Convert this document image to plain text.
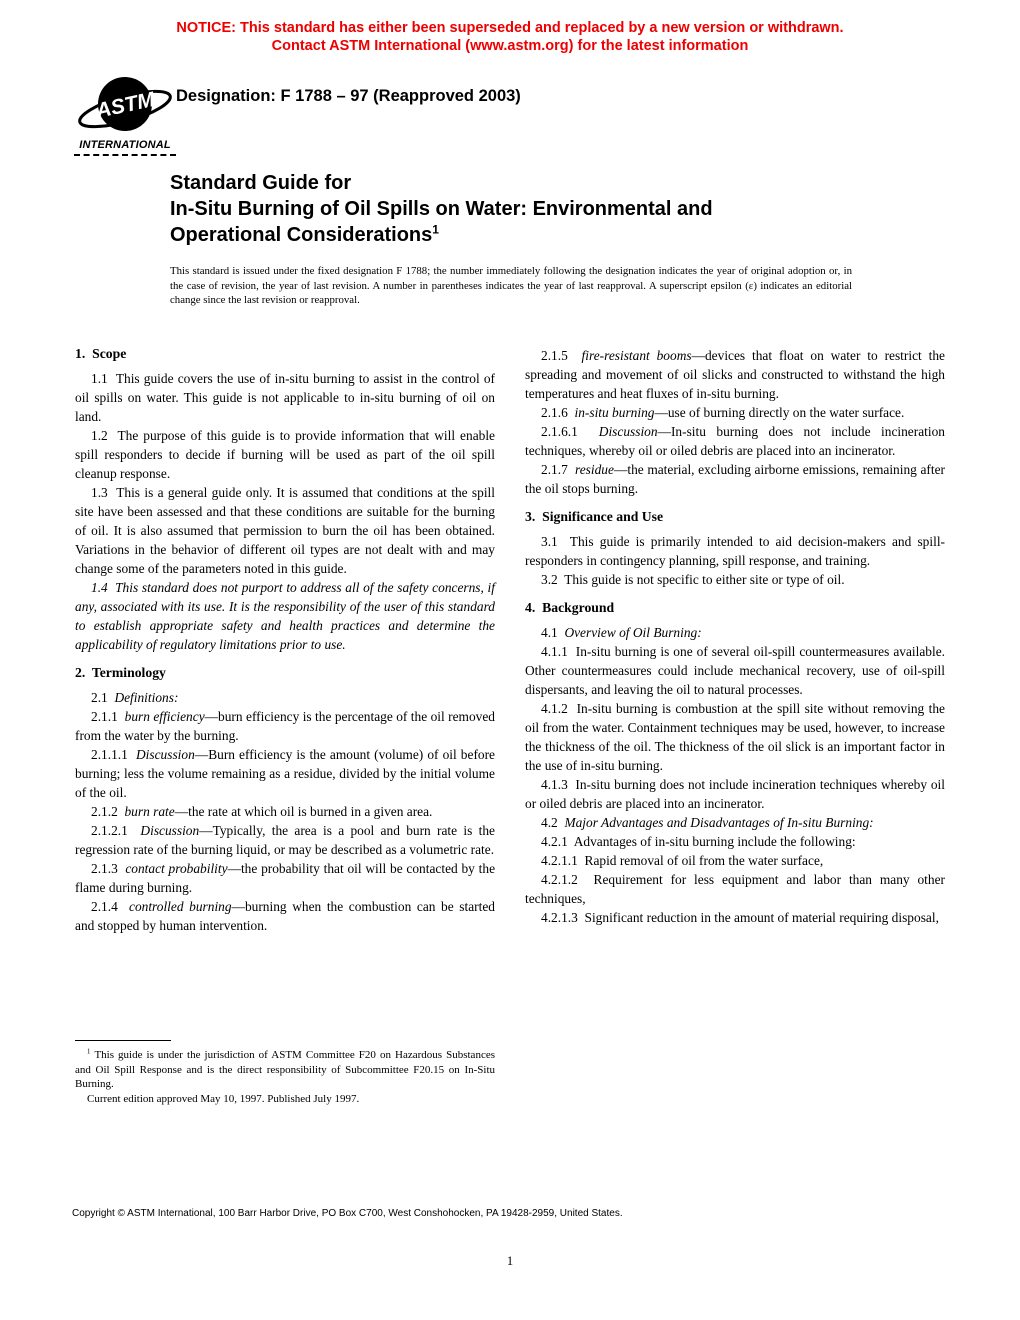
NOTICE: This standard has either been superseded and replaced by a new version or withdrawn.
Contact ASTM International (www.astm.org) for the latest information
ASTM
INTERNATIONAL
Designation: F 1788 – 97 (Reapproved 2003)
Standard Guide for
In-Situ Burning of Oil Spills on Water: Environmental and
Operational Considerations$^1$
This standard is issued under the fixed designation F 1788; the number immediately following the designation indicates the year of original adoption or, in the case of revision, the year of last revision. A number in parentheses indicates the year of last reapproval. A superscript epsilon (ε) indicates an editorial change since the last revision or reapproval.
1.  Scope
1.1  This guide covers the use of in-situ burning to assist in the control of oil spills on water. This guide is not applicable to in-situ burning of oil on land.
1.2  The purpose of this guide is to provide information that will enable spill responders to decide if burning will be used as part of the oil spill cleanup response.
1.3  This is a general guide only. It is assumed that conditions at the spill site have been assessed and that these conditions are suitable for the burning of oil. It is also assumed that permission to burn the oil has been obtained. Variations in the behavior of different oil types are not dealt with and may change some of the parameters noted in this guide.
1.4  This standard does not purport to address all of the safety concerns, if any, associated with its use. It is the responsibility of the user of this standard to establish appropriate safety and health practices and determine the applicability of regulatory limitations prior to use.
2.  Terminology
2.1  Definitions:
2.1.1  burn efficiency—burn efficiency is the percentage of the oil removed from the water by the burning.
2.1.1.1  Discussion—Burn efficiency is the amount (volume) of oil before burning; less the volume remaining as a residue, divided by the initial volume of the oil.
2.1.2  burn rate—the rate at which oil is burned in a given area.
2.1.2.1  Discussion—Typically, the area is a pool and burn rate is the regression rate of the burning liquid, or may be described as a volumetric rate.
2.1.3  contact probability—the probability that oil will be contacted by the flame during burning.
2.1.4  controlled burning—burning when the combustion can be started and stopped by human intervention.
2.1.5  fire-resistant booms—devices that float on water to restrict the spreading and movement of oil slicks and constructed to withstand the high temperatures and heat fluxes of in-situ burning.
2.1.6  in-situ burning—use of burning directly on the water surface.
2.1.6.1  Discussion—In-situ burning does not include incineration techniques, whereby oil or oiled debris are placed into an incinerator.
2.1.7  residue—the material, excluding airborne emissions, remaining after the oil stops burning.
3.  Significance and Use
3.1  This guide is primarily intended to aid decision-makers and spill-responders in contingency planning, spill response, and training.
3.2  This guide is not specific to either site or type of oil.
4.  Background
4.1  Overview of Oil Burning:
4.1.1  In-situ burning is one of several oil-spill countermeasures available. Other countermeasures could include mechanical recovery, use of oil-spill dispersants, and leaving the oil to natural processes.
4.1.2  In-situ burning is combustion at the spill site without removing the oil from the water. Containment techniques may be used, however, to increase the thickness of the oil. The thickness of the oil slick is an important factor in the use of in-situ burning.
4.1.3  In-situ burning does not include incineration techniques whereby oil or oiled debris are placed into an incinerator.
4.2  Major Advantages and Disadvantages of In-situ Burning:
4.2.1  Advantages of in-situ burning include the following:
4.2.1.1  Rapid removal of oil from the water surface,
4.2.1.2  Requirement for less equipment and labor than many other techniques,
4.2.1.3  Significant reduction in the amount of material requiring disposal,
$^1$ This guide is under the jurisdiction of ASTM Committee F20 on Hazardous Substances and Oil Spill Response and is the direct responsibility of Subcommittee F20.15 on In-Situ Burning.
Current edition approved May 10, 1997. Published July 1997.
Copyright © ASTM International, 100 Barr Harbor Drive, PO Box C700, West Conshohocken, PA 19428-2959, United States.
1
